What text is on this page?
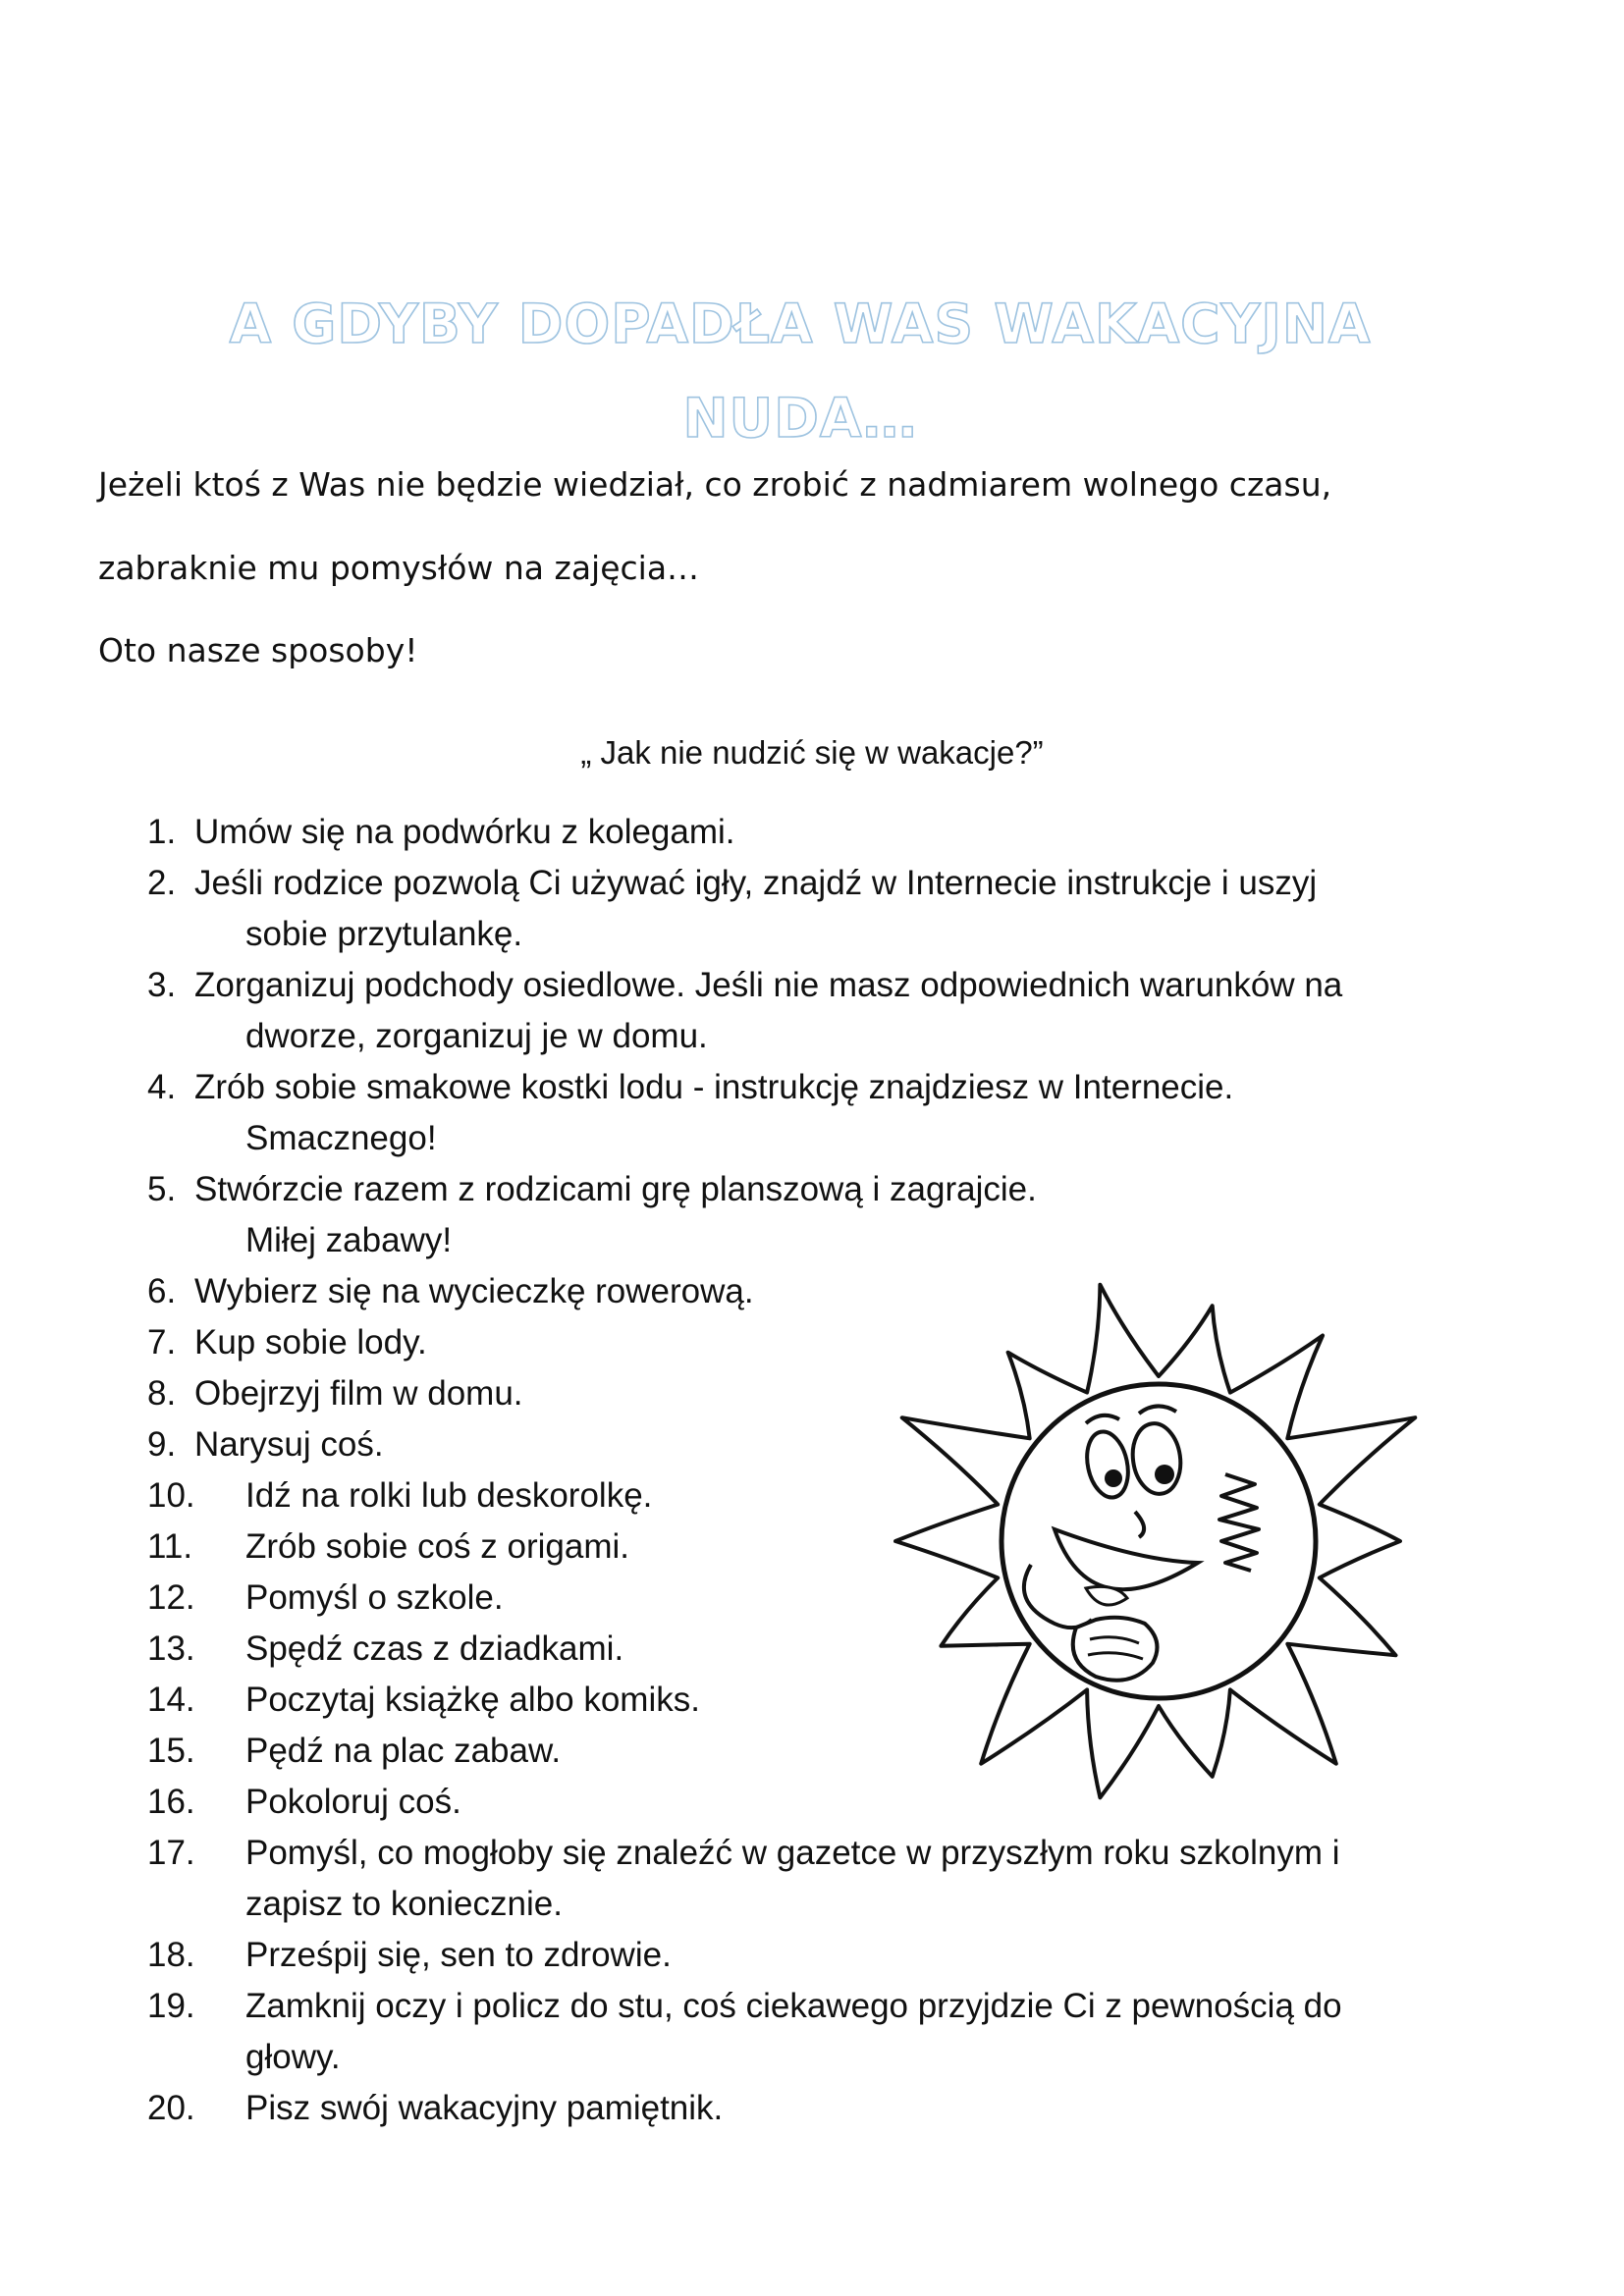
A GDYBY DOPADŁA WAS WAKACYJNA
NUDA…

Jeżeli ktoś z Was nie będzie wiedział, co zrobić z nadmiarem wolnego czasu,

zabraknie mu pomysłów na zajęcia…

Oto nasze sposoby!

„ Jak nie nudzić się w wakacje?”

1. Umów się na podwórku z kolegami.
2. Jeśli rodzice pozwolą Ci używać igły, znajdź w Internecie instrukcje i uszyj
sobie przytulankę.
3. Zorganizuj podchody osiedlowe. Jeśli nie masz odpowiednich warunków na
dworze, zorganizuj je w domu.
4. Zrób sobie smakowe kostki lodu - instrukcję znajdziesz w Internecie.
Smacznego!
5. Stwórzcie razem z rodzicami grę planszową i zagrajcie.
Miłej zabawy!
6. Wybierz się na wycieczkę rowerową.
7. Kup sobie lody.
8. Obejrzyj film w domu.
9. Narysuj coś.
10. Idź na rolki lub deskorolkę.
11. Zrób sobie coś z origami.
12. Pomyśl o szkole.
13. Spędź czas z dziadkami.
14. Poczytaj książkę albo komiks.
15. Pędź na plac zabaw.
16. Pokoloruj coś.
17. Pomyśl, co mogłoby się znaleźć w gazetce w przyszłym roku szkolnym i
zapisz to koniecznie.
18. Prześpij się, sen to zdrowie.
19. Zamknij oczy i policz do stu, coś ciekawego przyjdzie Ci z pewnością do
głowy.
20. Pisz swój wakacyjny pamiętnik.
